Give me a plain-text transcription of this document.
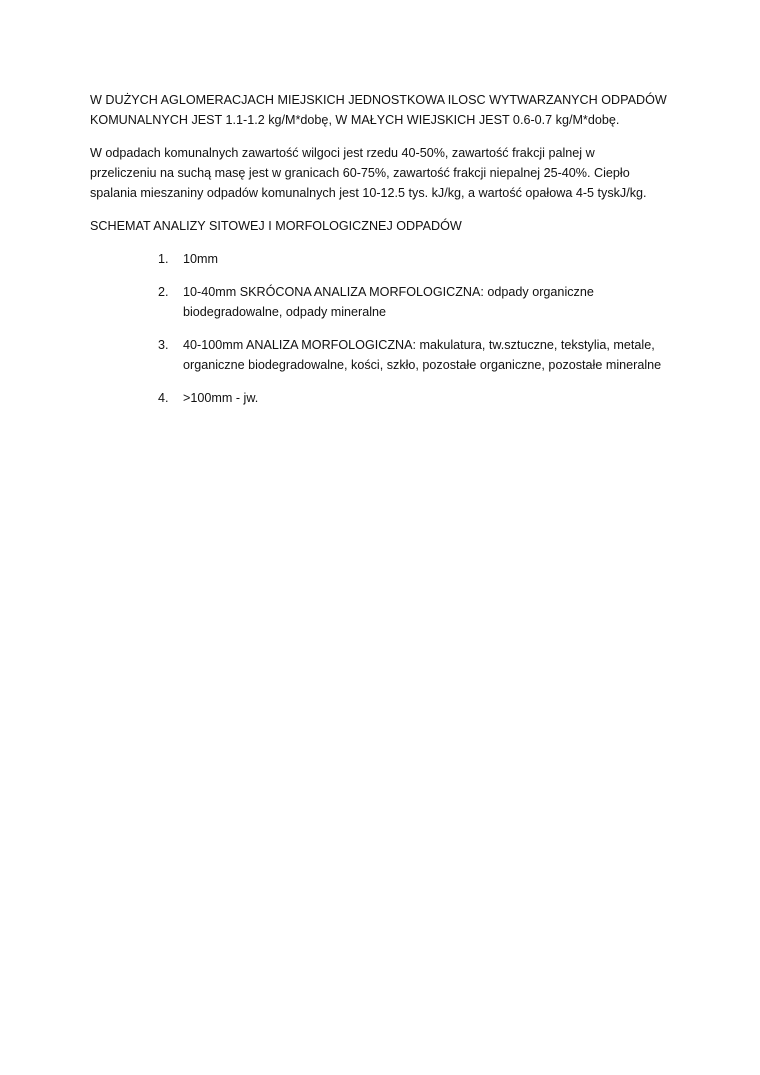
W DUŻYCH AGLOMERACJACH MIEJSKICH JEDNOSTKOWA ILOSC WYTWARZANYCH ODPADÓW
KOMUNALNYCH JEST 1.1-1.2 kg/M*dobę, W MAŁYCH WIEJSKICH JEST 0.6-0.7 kg/M*dobę.

W odpadach komunalnych zawartość wilgoci jest rzedu 40-50%, zawartość frakcji palnej w
przeliczeniu na suchą masę jest w granicach 60-75%, zawartość frakcji niepalnej 25-40%. Ciepło
spalania mieszaniny odpadów komunalnych jest 10-12.5 tys. kJ/kg, a wartość opałowa 4-5 tyskJ/kg.

SCHEMAT ANALIZY SITOWEJ I MORFOLOGICZNEJ ODPADÓW

1.	10mm
2.	10-40mm SKRÓCONA ANALIZA MORFOLOGICZNA: odpady organiczne
biodegradowalne, odpady mineralne
3.	40-100mm ANALIZA MORFOLOGICZNA: makulatura, tw.sztuczne, tekstylia, metale,
organiczne biodegradowalne, kości, szkło, pozostałe organiczne, pozostałe mineralne
4.	>100mm - jw.
